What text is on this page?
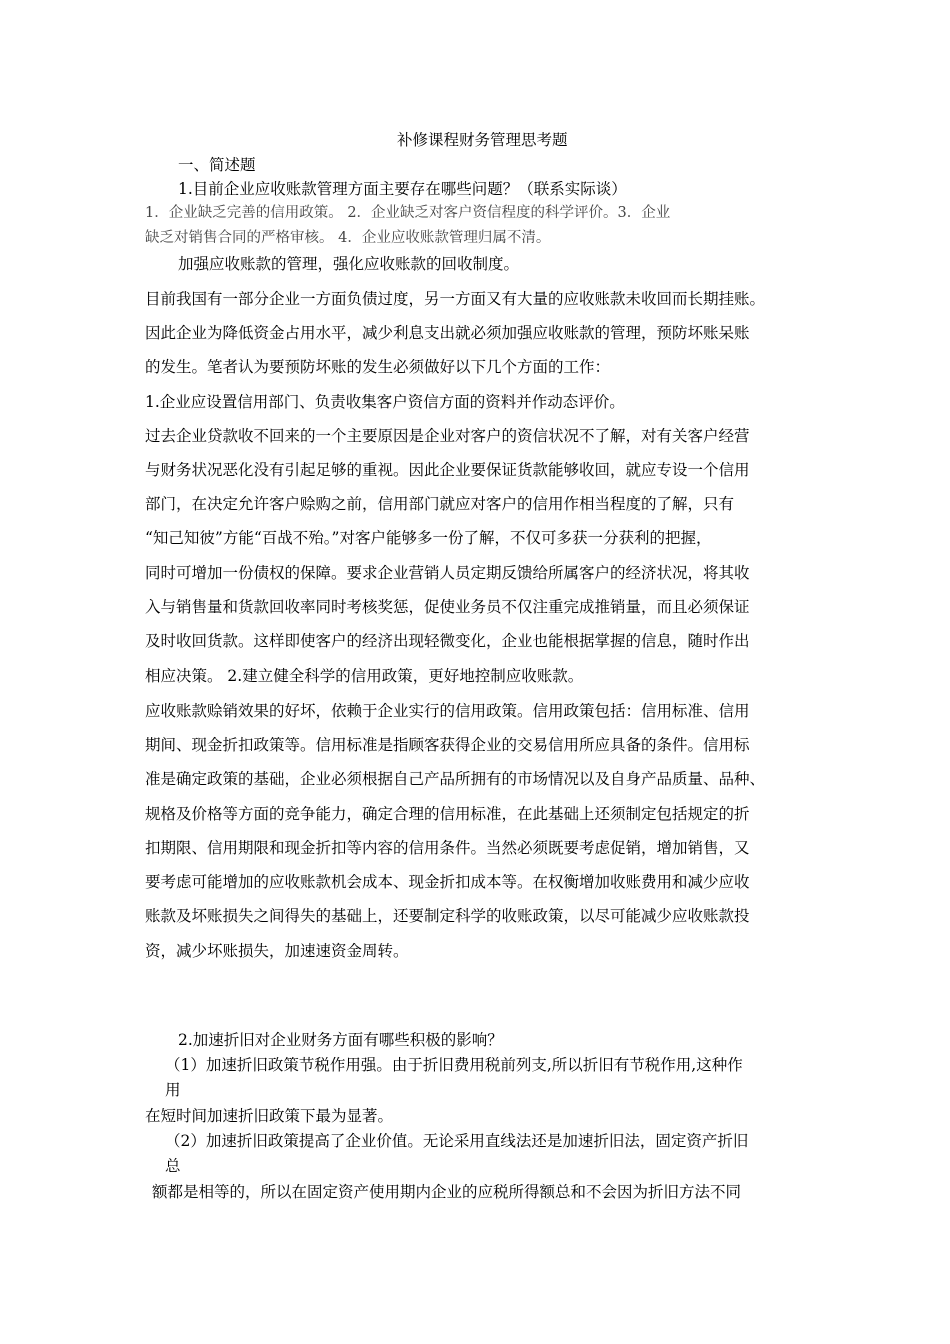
补修课程财务管理思考题
一、简述题
1.目前企业应收账款管理方面主要存在哪些问题？（联系实际谈）
1．企业缺乏完善的信用政策。 2．企业缺乏对客户资信程度的科学评价。3．企业
缺乏对销售合同的严格审核。 4．企业应收账款管理归属不清。
加强应收账款的管理，强化应收账款的回收制度。
目前我国有一部分企业一方面负债过度，另一方面又有大量的应收账款未收回而长期挂账。
因此企业为降低资金占用水平，减少利息支出就必须加强应收账款的管理，预防坏账呆账
的发生。笔者认为要预防坏账的发生必须做好以下几个方面的工作：
1.企业应设置信用部门、负责收集客户资信方面的资料并作动态评价。
过去企业贷款收不回来的一个主要原因是企业对客户的资信状况不了解，对有关客户经营
与财务状况恶化没有引起足够的重视。因此企业要保证货款能够收回，就应专设一个信用
部门，在决定允许客户赊购之前，信用部门就应对客户的信用作相当程度的了解，只有
“知己知彼”方能“百战不殆。”对客户能够多一份了解，不仅可多获一分获利的把握，
同时可增加一份债权的保障。要求企业营销人员定期反馈给所属客户的经济状况，将其收
入与销售量和货款回收率同时考核奖惩，促使业务员不仅注重完成推销量，而且必须保证
及时收回货款。这样即使客户的经济出现轻微变化，企业也能根据掌握的信息，随时作出
相应决策。 2.建立健全科学的信用政策，更好地控制应收账款。
应收账款赊销效果的好坏，依赖于企业实行的信用政策。信用政策包括：信用标准、信用
期间、现金折扣政策等。信用标准是指顾客获得企业的交易信用所应具备的条件。信用标
准是确定政策的基础，企业必须根据自己产品所拥有的市场情况以及自身产品质量、品种、
规格及价格等方面的竞争能力，确定合理的信用标准，在此基础上还须制定包括规定的折
扣期限、信用期限和现金折扣等内容的信用条件。当然必须既要考虑促销，增加销售，又
要考虑可能增加的应收账款机会成本、现金折扣成本等。在权衡增加收账费用和减少应收
账款及坏账损失之间得失的基础上，还要制定科学的收账政策，以尽可能减少应收账款投
资，减少坏账损失，加速速资金周转。
2.加速折旧对企业财务方面有哪些积极的影响？
（1）加速折旧政策节税作用强。由于折旧费用税前列支,所以折旧有节税作用,这种作
用
在短时间加速折旧政策下最为显著。
（2）加速折旧政策提高了企业价值。无论采用直线法还是加速折旧法，固定资产折旧
总
额都是相等的，所以在固定资产使用期内企业的应税所得额总和不会因为折旧方法不同
